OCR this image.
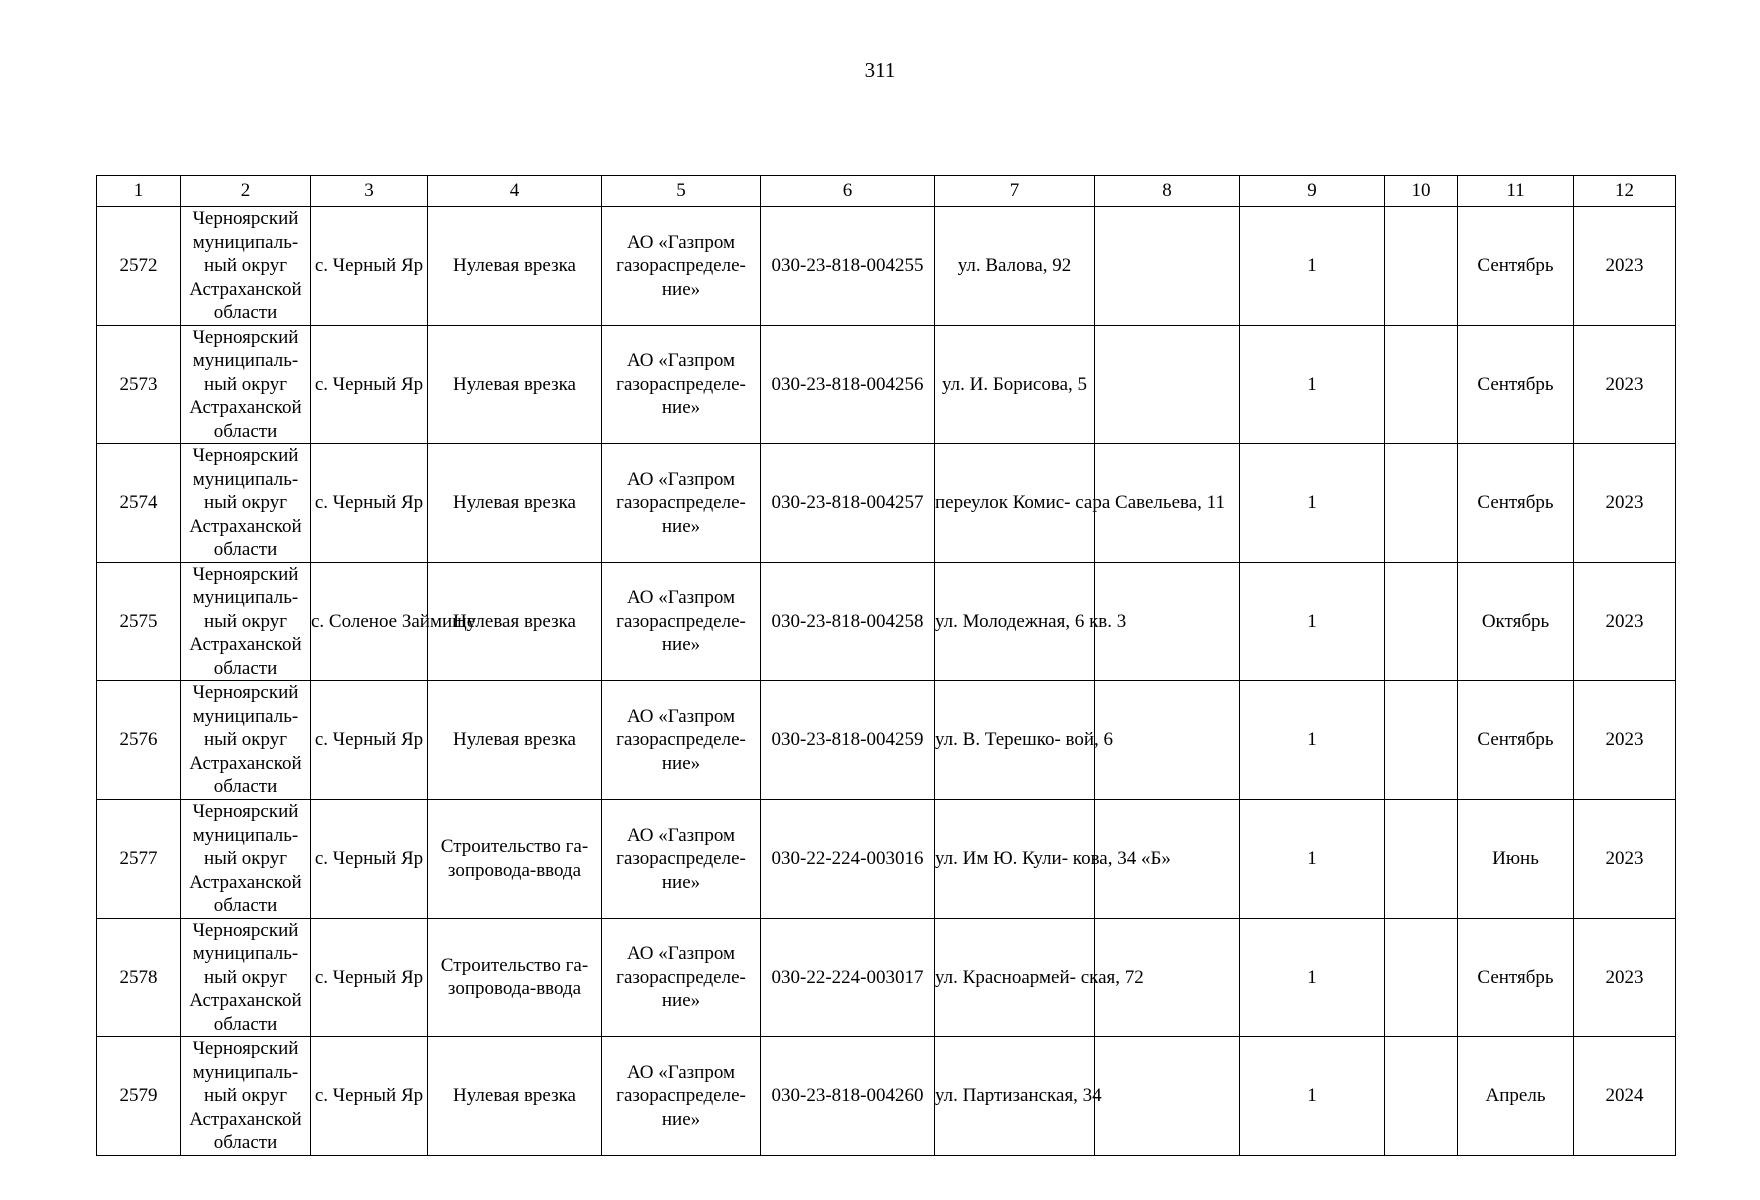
311
1	2	3	4	5	6	7	8	9	10	11	12
2572	Черноярский
муниципаль-
ный округ
Астраханской
области	с. Черный Яр	Нулевая врезка	АО «Газпром
газораспределе-
ние»	030-23-818-004255	ул. Валова, 92		1		Сентябрь	2023
2573	Черноярский
муниципаль-
ный округ
Астраханской
области	с. Черный Яр	Нулевая врезка	АО «Газпром
газораспределе-
ние»	030-23-818-004256	ул. И. Борисова, 5		1		Сентябрь	2023
2574	Черноярский
муниципаль-
ный округ
Астраханской
области	с. Черный Яр	Нулевая врезка	АО «Газпром
газораспределе-
ние»	030-23-818-004257	переулок Комис- сара Савельева, 11		1		Сентябрь	2023
2575	Черноярский
муниципаль-
ный округ
Астраханской
области	с. Соленое Займище	Нулевая врезка	АО «Газпром
газораспределе-
ние»	030-23-818-004258	ул. Молодежная, 6 кв. 3		1		Октябрь	2023
2576	Черноярский
муниципаль-
ный округ
Астраханской
области	с. Черный Яр	Нулевая врезка	АО «Газпром
газораспределе-
ние»	030-23-818-004259	ул. В. Терешко- вой, 6		1		Сентябрь	2023
2577	Черноярский
муниципаль-
ный округ
Астраханской
области	с. Черный Яр	Строительство га-
зопровода-ввода	АО «Газпром
газораспределе-
ние»	030-22-224-003016	ул. Им Ю. Кули- кова, 34 «Б»		1		Июнь	2023
2578	Черноярский
муниципаль-
ный округ
Астраханской
области	с. Черный Яр	Строительство га-
зопровода-ввода	АО «Газпром
газораспределе-
ние»	030-22-224-003017	ул. Красноармей- ская, 72		1		Сентябрь	2023
2579	Черноярский
муниципаль-
ный округ
Астраханской
области	с. Черный Яр	Нулевая врезка	АО «Газпром
газораспределе-
ние»	030-23-818-004260	ул. Партизанская, 34		1		Апрель	2024
